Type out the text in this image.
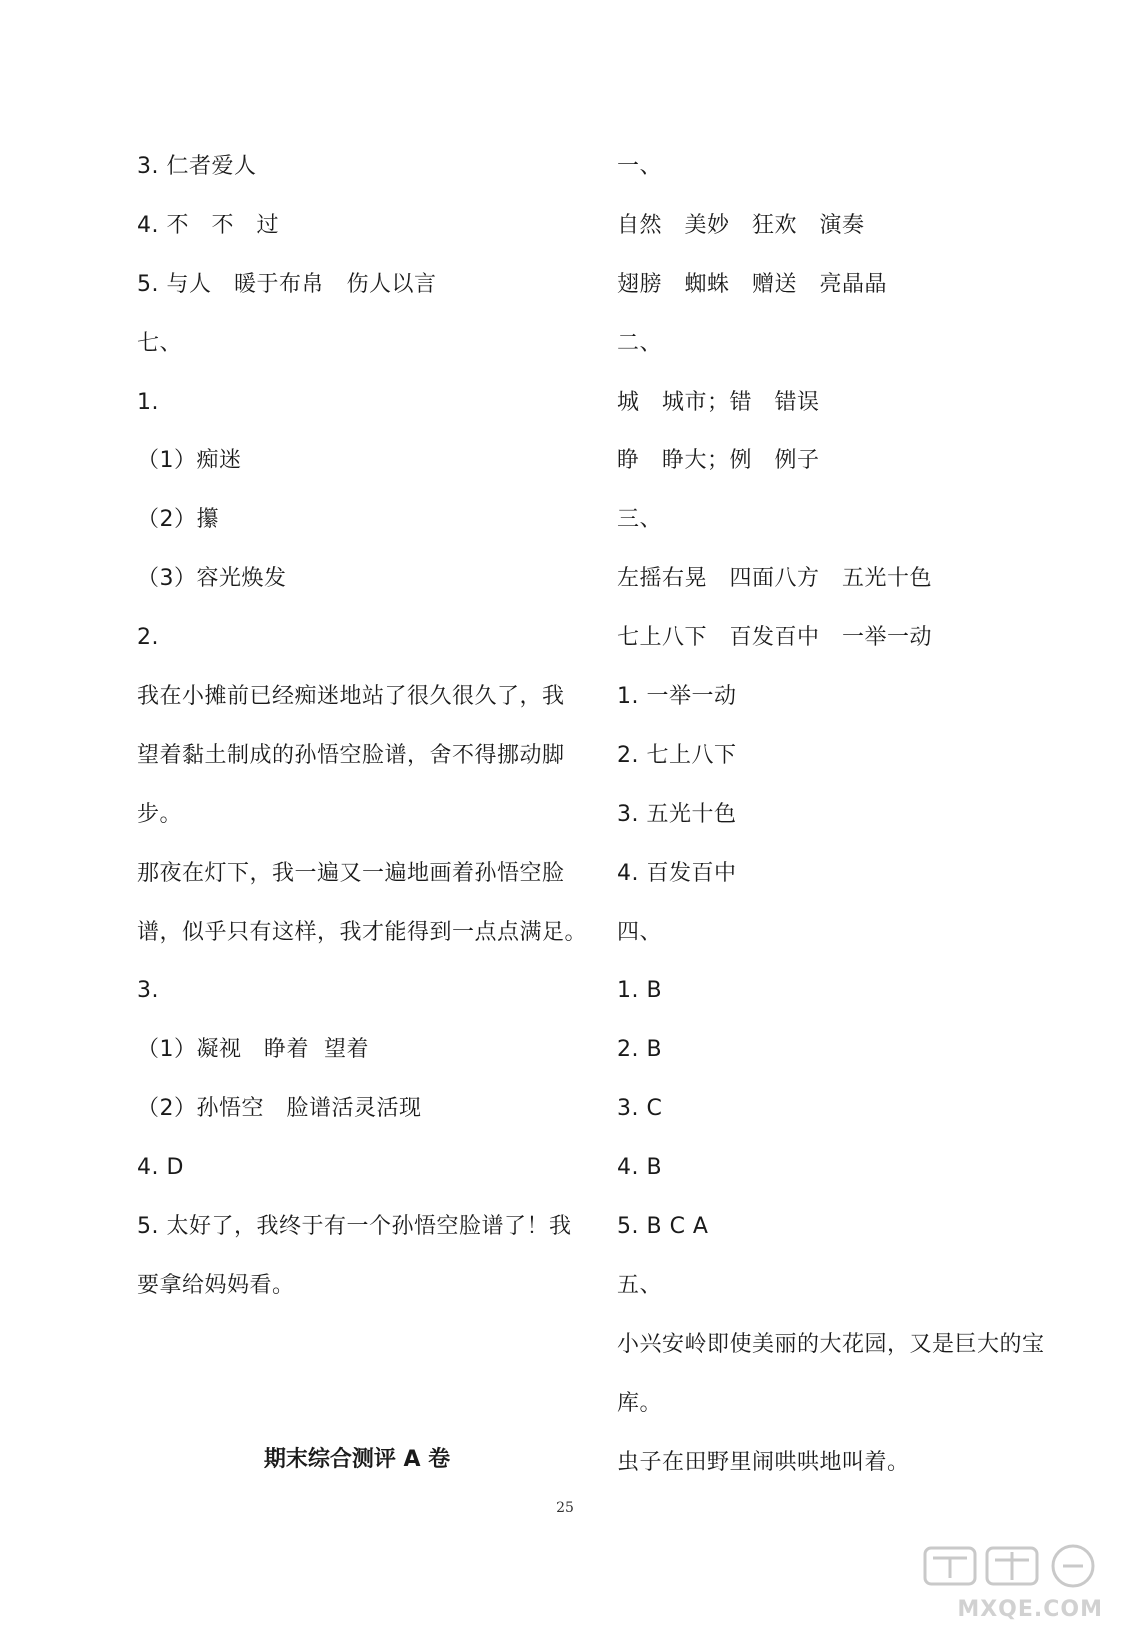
3. 仁者爱人
4. 不   不   过
5. 与人   暖于布帛   伤人以言
七、
1.
（1）痴迷
（2）攥
（3）容光焕发
2.
我在小摊前已经痴迷地站了很久很久了，我
望着黏土制成的孙悟空脸谱，舍不得挪动脚
步。
那夜在灯下，我一遍又一遍地画着孙悟空脸
谱，似乎只有这样，我才能得到一点点满足。
3.
（1）凝视   睁着  望着
（2）孙悟空   脸谱活灵活现
4. D
5. 太好了，我终于有一个孙悟空脸谱了！我
要拿给妈妈看。
一、
自然   美妙   狂欢   演奏
翅膀   蜘蛛   赠送   亮晶晶
二、
城   城市；错   错误
睁   睁大；例   例子
三、
左摇右晃   四面八方   五光十色
七上八下   百发百中   一举一动
1. 一举一动
2. 七上八下
3. 五光十色
4. 百发百中
四、
1. B
2. B
3. C
4. B
5. B C A
五、
小兴安岭即使美丽的大花园，又是巨大的宝
库。
虫子在田野里闹哄哄地叫着。
期末综合测评 A 卷
25
MXQE.COM
